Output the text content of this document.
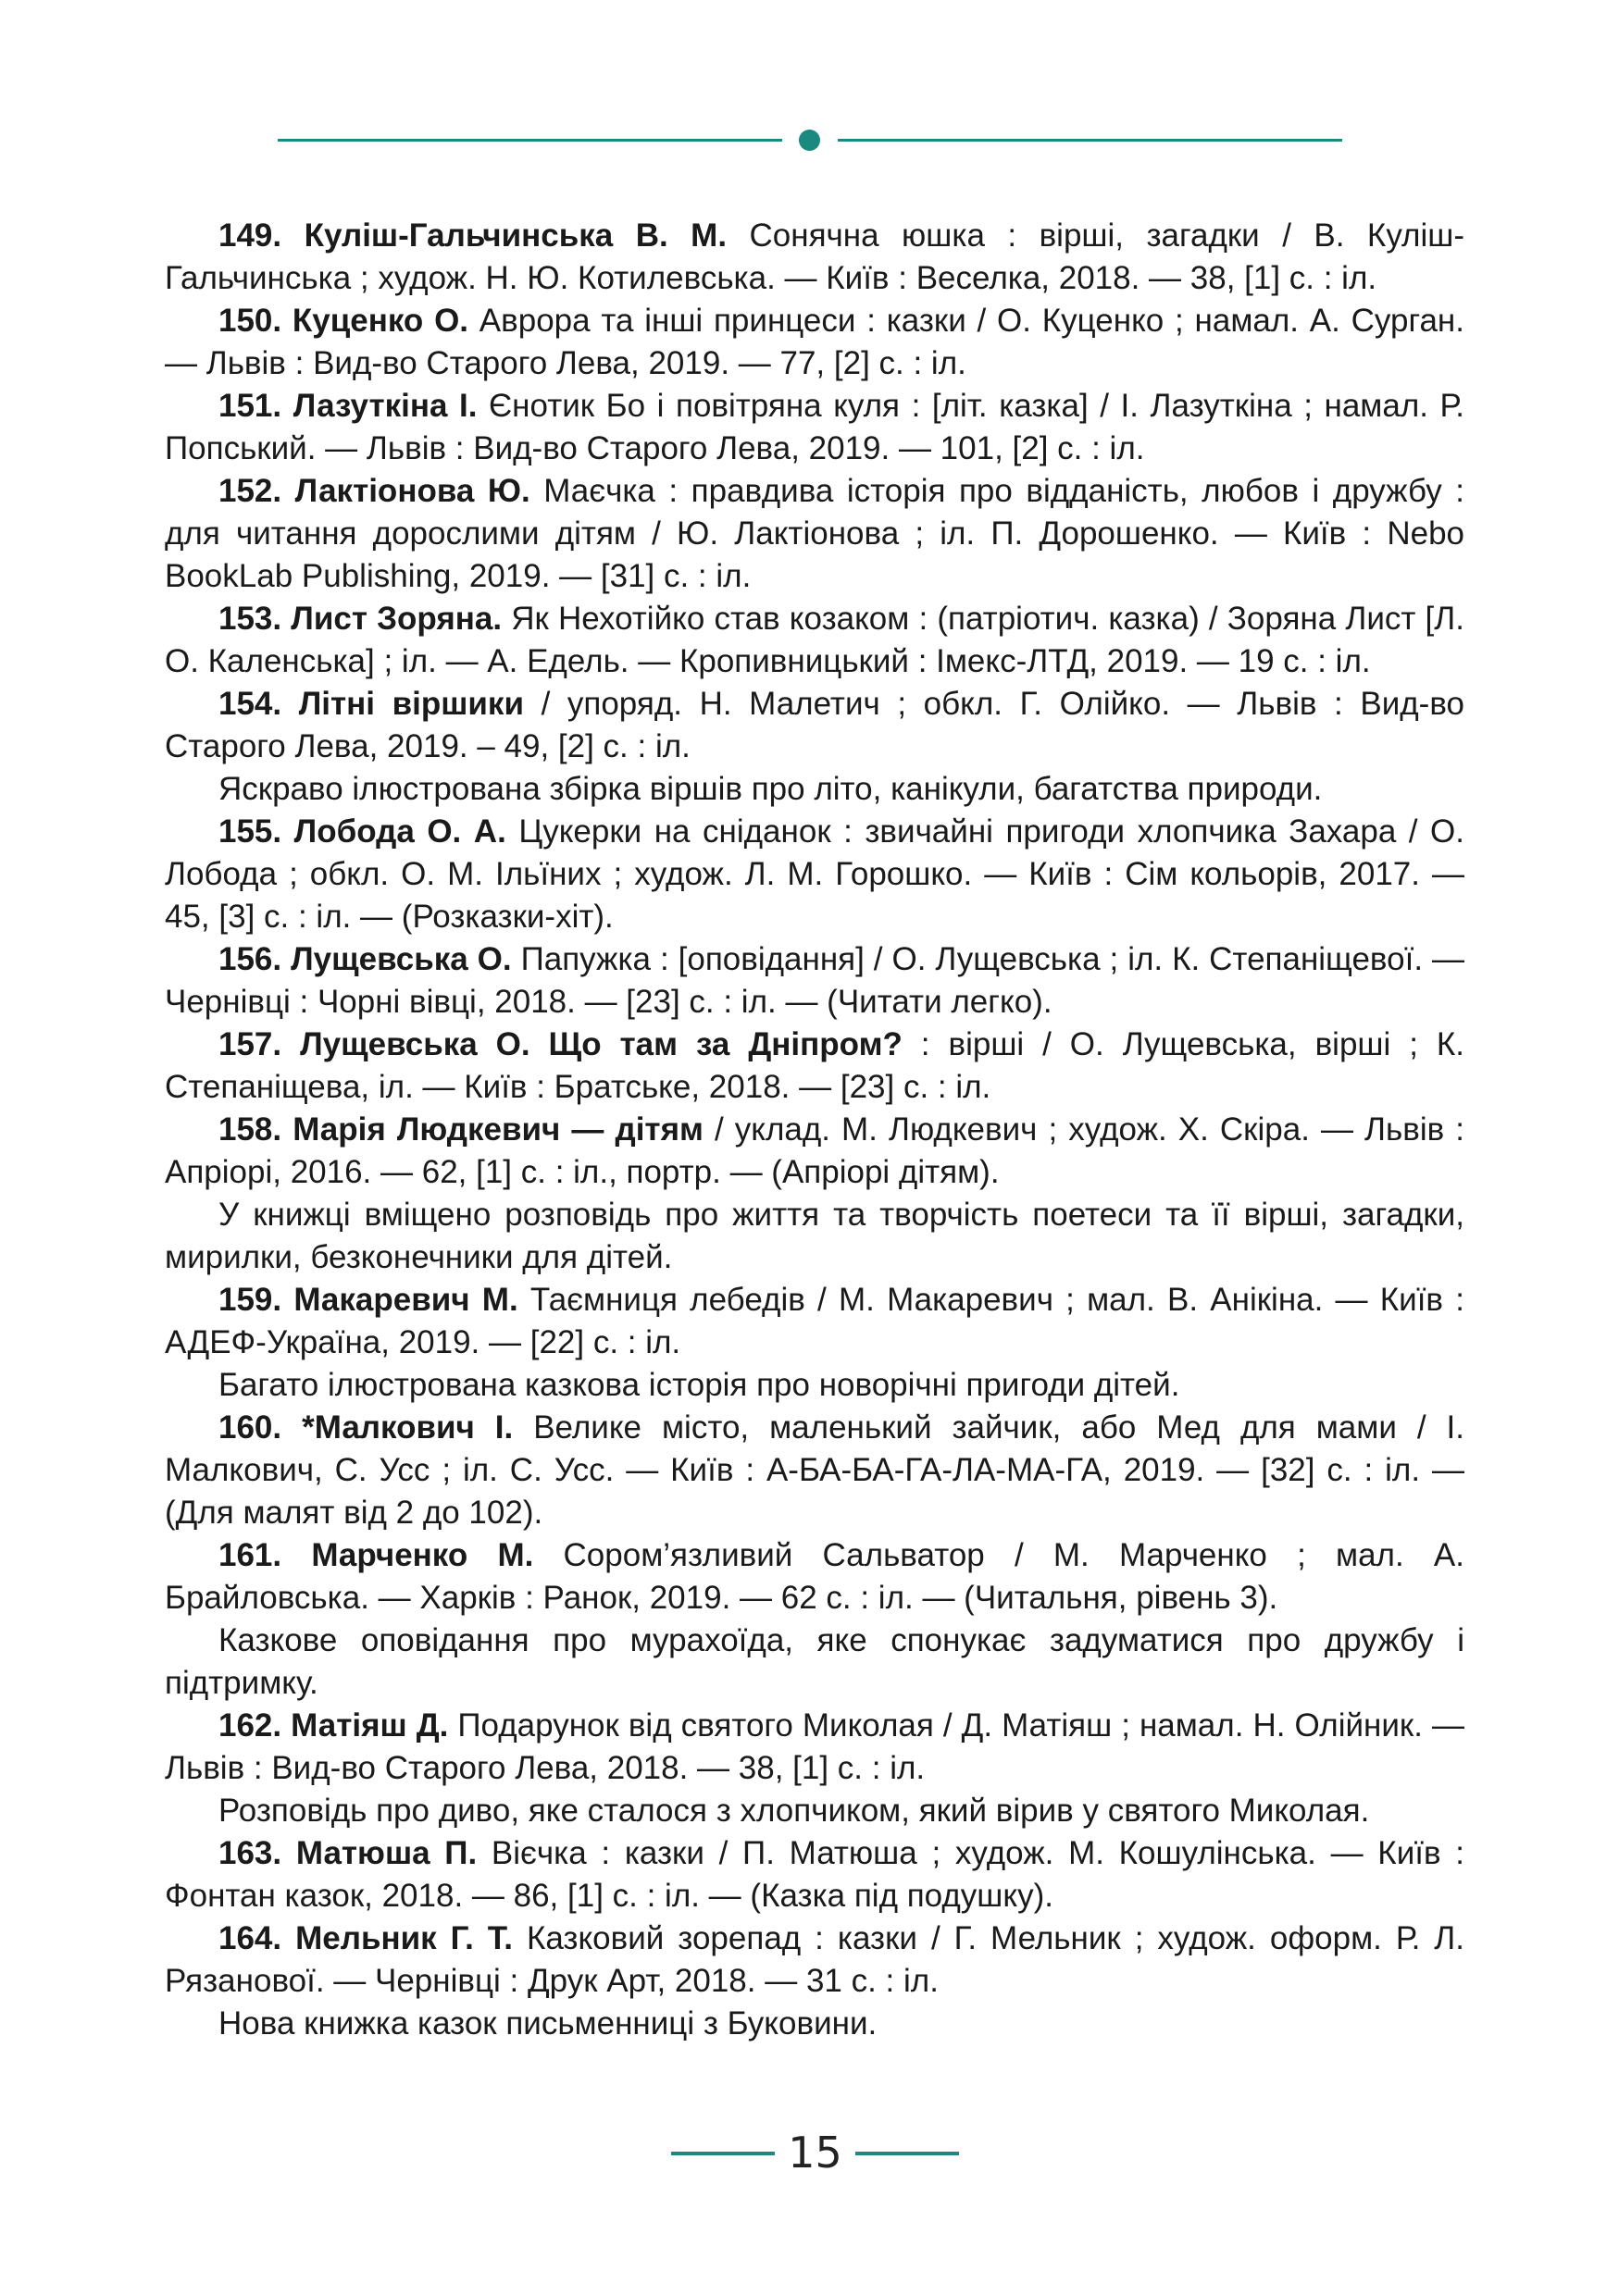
149. Куліш-Гальчинська В. М. Сонячна юшка : вірші, загадки / В. Куліш-Гальчинська ; худож. Н. Ю. Котилевська. — Київ : Веселка, 2018. — 38, [1] с. : іл.

150. Куценко О. Аврора та інші принцеси : казки / О. Куценко ; намал. А. Сурган. — Львів : Вид-во Старого Лева, 2019. — 77, [2] с. : іл.

151. Лазуткіна І. Єнотик Бо і повітряна куля : [літ. казка] / І. Лазуткіна ; намал. Р. Попський. — Львів : Вид-во Старого Лева, 2019. — 101, [2] с. : іл.

152. Лактіонова Ю. Маєчка : правдива історія про відданість, любов і дружбу : для читання дорослими дітям / Ю. Лактіонова ; іл. П. Дорошенко. — Київ : Nebo BookLab Publishing, 2019. — [31] с. : іл.

153. Лист Зоряна. Як Нехотійко став козаком : (патріотич. казка) / Зоряна Лист [Л. О. Каленська] ; іл. — А. Едель. — Кропивницький : Імекс-ЛТД, 2019. — 19 с. : іл.

154. Літні віршики / упоряд. Н. Малетич ; обкл. Г. Олійко. — Львів : Вид-во Старого Лева, 2019. – 49, [2] с. : іл.

Яскраво ілюстрована збірка віршів про літо, канікули, багатства природи.

155. Лобода О. А. Цукерки на сніданок : звичайні пригоди хлопчика Захара / О. Лобода ; обкл. О. М. Ільїних ; худож. Л. М. Горошко. — Київ : Сім кольорів, 2017. — 45, [3] с. : іл. — (Розказки-хіт).

156. Лущевська О. Папужка : [оповідання] / О. Лущевська ; іл. К. Степаніщевої. — Чернівці : Чорні вівці, 2018. — [23] с. : іл. — (Читати легко).

157. Лущевська О. Що там за Дніпром? : вірші / О. Лущевська, вірші ; К. Степаніщева, іл. — Київ : Братське, 2018. — [23] с. : іл.

158. Марія Людкевич — дітям / уклад. М. Людкевич ; худож. Х. Скіра. — Львів : Апріорі, 2016. — 62, [1] с. : іл., портр. — (Апріорі дітям).

У книжці вміщено розповідь про життя та творчість поетеси та її вірші, загадки, мирилки, безконечники для дітей.

159. Макаревич М. Таємниця лебедів / М. Макаревич ; мал. В. Анікіна. — Київ : АДЕФ-Україна, 2019. — [22] с. : іл.

Багато ілюстрована казкова історія про новорічні пригоди дітей.

160. *Малкович І. Велике місто, маленький зайчик, або Мед для мами / І. Малкович, С. Усс ; іл. С. Усс. — Київ : А-БА-БА-ГА-ЛА-МА-ГА, 2019. — [32] с. : іл. — (Для малят від 2 до 102).

161. Марченко М. Сором’язливий Сальватор / М. Марченко ; мал. А. Брайловська. — Харків : Ранок, 2019. — 62 с. : іл. — (Читальня, рівень 3).

Казкове оповідання про мурахоїда, яке спонукає задуматися про дружбу і підтримку.

162. Матіяш Д. Подарунок від святого Миколая / Д. Матіяш ; намал. Н. Олійник. — Львів : Вид-во Старого Лева, 2018. — 38, [1] с. : іл.

Розповідь про диво, яке сталося з хлопчиком, який вірив у святого Миколая.

163. Матюша П. Вієчка : казки / П. Матюша ; худож. М. Кошулінська. — Київ : Фонтан казок, 2018. — 86, [1] с. : іл. — (Казка під подушку).

164. Мельник Г. Т. Казковий зорепад : казки / Г. Мельник ; худож. оформ. Р. Л. Рязанової. — Чернівці : Друк Арт, 2018. — 31 с. : іл.

Нова книжка казок письменниці з Буковини.

15
